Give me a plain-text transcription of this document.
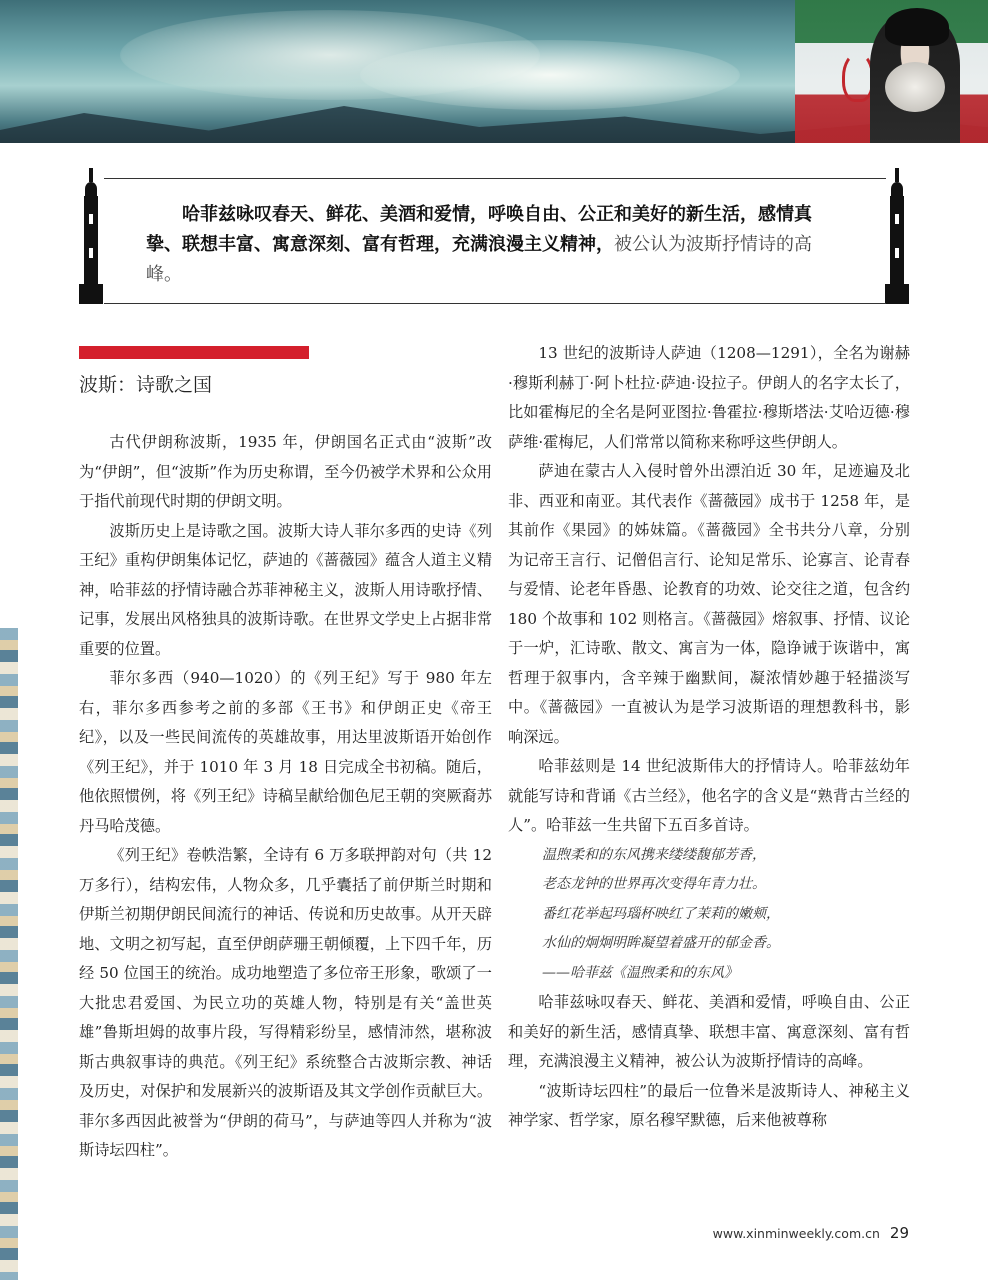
哈菲兹咏叹春天、鲜花、美酒和爱情，呼唤自由、公正和美好的新生活，感情真挚、联想丰富、寓意深刻、富有哲理，充满浪漫主义精神，被公认为波斯抒情诗的高峰。
波斯：诗歌之国

古代伊朗称波斯，1935 年，伊朗国名正式由“波斯”改为“伊朗”，但“波斯”作为历史称谓，至今仍被学术界和公众用于指代前现代时期的伊朗文明。

波斯历史上是诗歌之国。波斯大诗人菲尔多西的史诗《列王纪》重构伊朗集体记忆，萨迪的《蔷薇园》蕴含人道主义精神，哈菲兹的抒情诗融合苏菲神秘主义，波斯人用诗歌抒情、记事，发展出风格独具的波斯诗歌。在世界文学史上占据非常重要的位置。

菲尔多西（940—1020）的《列王纪》写于 980 年左右，菲尔多西参考之前的多部《王书》和伊朗正史《帝王纪》，以及一些民间流传的英雄故事，用达里波斯语开始创作《列王纪》，并于 1010 年 3 月 18 日完成全书初稿。随后，他依照惯例，将《列王纪》诗稿呈献给伽色尼王朝的突厥裔苏丹马哈茂德。

《列王纪》卷帙浩繁，全诗有 6 万多联押韵对句（共 12 万多行），结构宏伟，人物众多，几乎囊括了前伊斯兰时期和伊斯兰初期伊朗民间流行的神话、传说和历史故事。从开天辟地、文明之初写起，直至伊朗萨珊王朝倾覆，上下四千年，历经 50 位国王的统治。成功地塑造了多位帝王形象，歌颂了一大批忠君爱国、为民立功的英雄人物，特别是有关“盖世英雄”鲁斯坦姆的故事片段，写得精彩纷呈，感情沛然，堪称波斯古典叙事诗的典范。《列王纪》系统整合古波斯宗教、神话及历史，对保护和发展新兴的波斯语及其文学创作贡献巨大。菲尔多西因此被誉为“伊朗的荷马”，与萨迪等四人并称为“波斯诗坛四柱”。

13 世纪的波斯诗人萨迪（1208—1291），全名为谢赫·穆斯利赫丁·阿卜杜拉·萨迪·设拉子。伊朗人的名字太长了，比如霍梅尼的全名是阿亚图拉·鲁霍拉·穆斯塔法·艾哈迈德·穆萨维·霍梅尼，人们常常以简称来称呼这些伊朗人。

萨迪在蒙古人入侵时曾外出漂泊近 30 年，足迹遍及北非、西亚和南亚。其代表作《蔷薇园》成书于 1258 年，是其前作《果园》的姊妹篇。《蔷薇园》全书共分八章，分别为记帝王言行、记僧侣言行、论知足常乐、论寡言、论青春与爱情、论老年昏愚、论教育的功效、论交往之道，包含约 180 个故事和 102 则格言。《蔷薇园》熔叙事、抒情、议论于一炉，汇诗歌、散文、寓言为一体，隐诤诫于诙谐中，寓哲理于叙事内，含辛辣于幽默间，凝浓情妙趣于轻描淡写中。《蔷薇园》一直被认为是学习波斯语的理想教科书，影响深远。

哈菲兹则是 14 世纪波斯伟大的抒情诗人。哈菲兹幼年就能写诗和背诵《古兰经》，他名字的含义是“熟背古兰经的人”。哈菲兹一生共留下五百多首诗。

温煦柔和的东风携来缕缕馥郁芳香，
老态龙钟的世界再次变得年青力壮。
番红花举起玛瑙杯映红了茉莉的嫩颊，
水仙的炯炯明眸凝望着盛开的郁金香。
——哈菲兹《温煦柔和的东风》

哈菲兹咏叹春天、鲜花、美酒和爱情，呼唤自由、公正和美好的新生活，感情真挚、联想丰富、寓意深刻、富有哲理，充满浪漫主义精神，被公认为波斯抒情诗的高峰。

“波斯诗坛四柱”的最后一位鲁米是波斯诗人、神秘主义神学家、哲学家，原名穆罕默德，后来他被尊称

www.xinminweekly.com.cn 29
